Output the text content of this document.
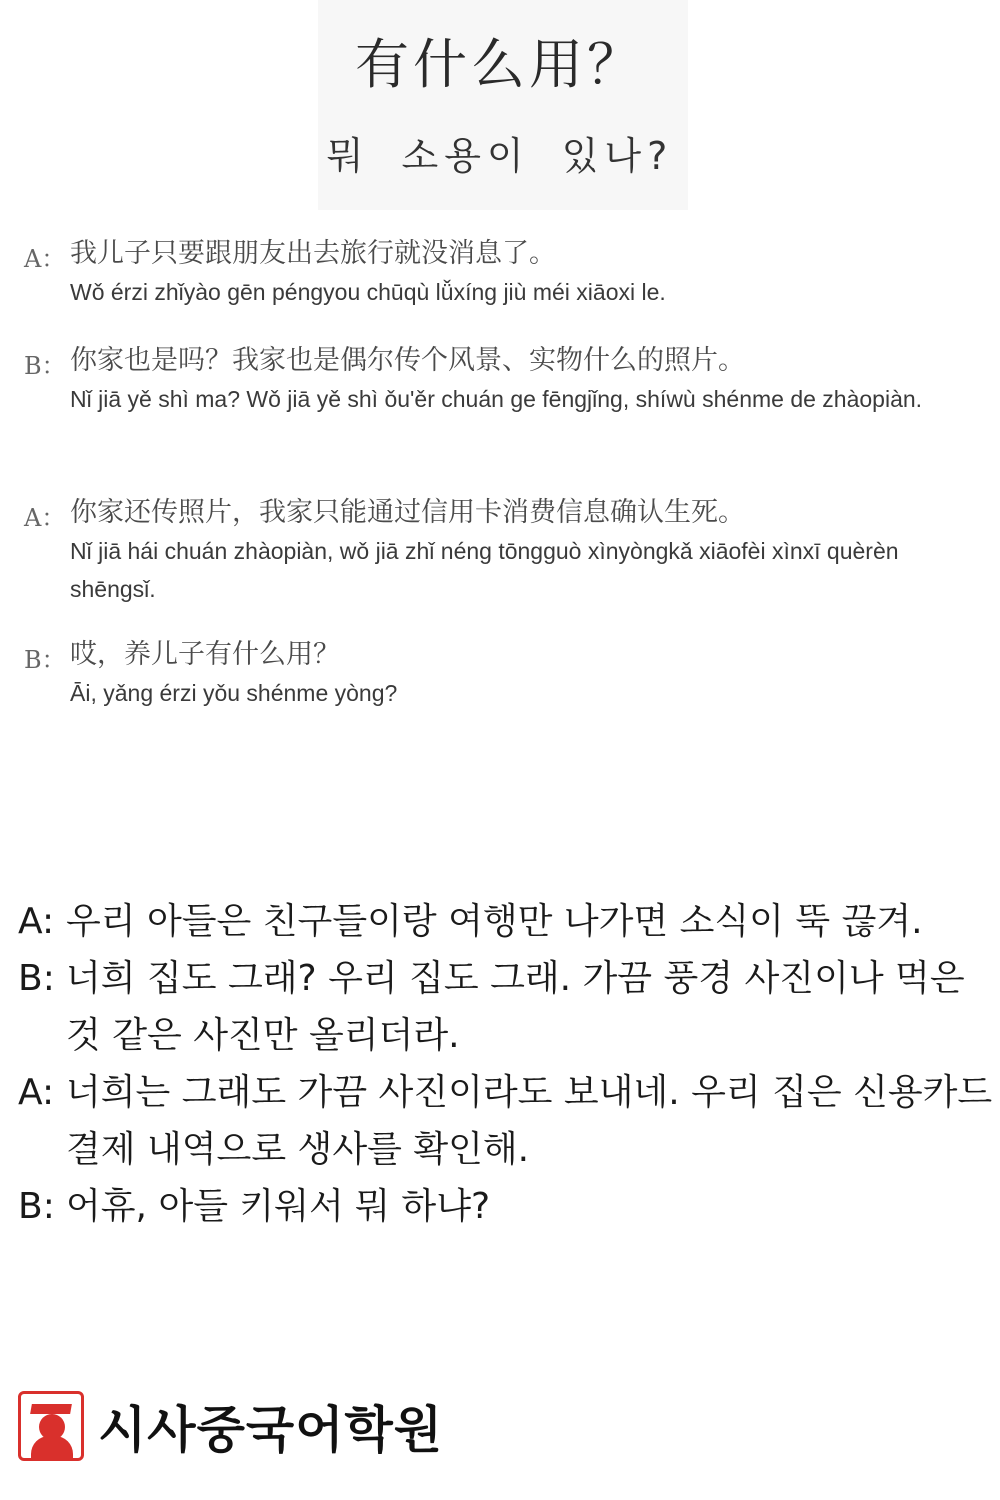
有什么用？
뭐 소용이 있나?
A： 我儿子只要跟朋友出去旅行就没消息了。
Wǒ érzi zhǐyào gēn péngyou chūqù lǚxíng jiù méi xiāoxi le.
B： 你家也是吗？我家也是偶尔传个风景、实物什么的照片。
Nǐ jiā yě shì ma? Wǒ jiā yě shì ǒu'ěr chuán ge fēngjǐng, shíwù shénme de zhàopiàn.
A： 你家还传照片，我家只能通过信用卡消费信息确认生死。
Nǐ jiā hái chuán zhàopiàn, wǒ jiā zhǐ néng tōngguò xìnyòngkǎ xiāofèi xìnxī quèrèn shēngsǐ.
B： 哎，养儿子有什么用？
Āi, yǎng érzi yǒu shénme yòng?
A: 우리 아들은 친구들이랑 여행만 나가면 소식이 뚝 끊겨.
B: 너희 집도 그래? 우리 집도 그래. 가끔 풍경 사진이나 먹은 것 같은 사진만 올리더라.
A: 너희는 그래도 가끔 사진이라도 보내네. 우리 집은 신용카드 결제 내역으로 생사를 확인해.
B: 어휴, 아들 키워서 뭐 하냐?
시사중국어학원
